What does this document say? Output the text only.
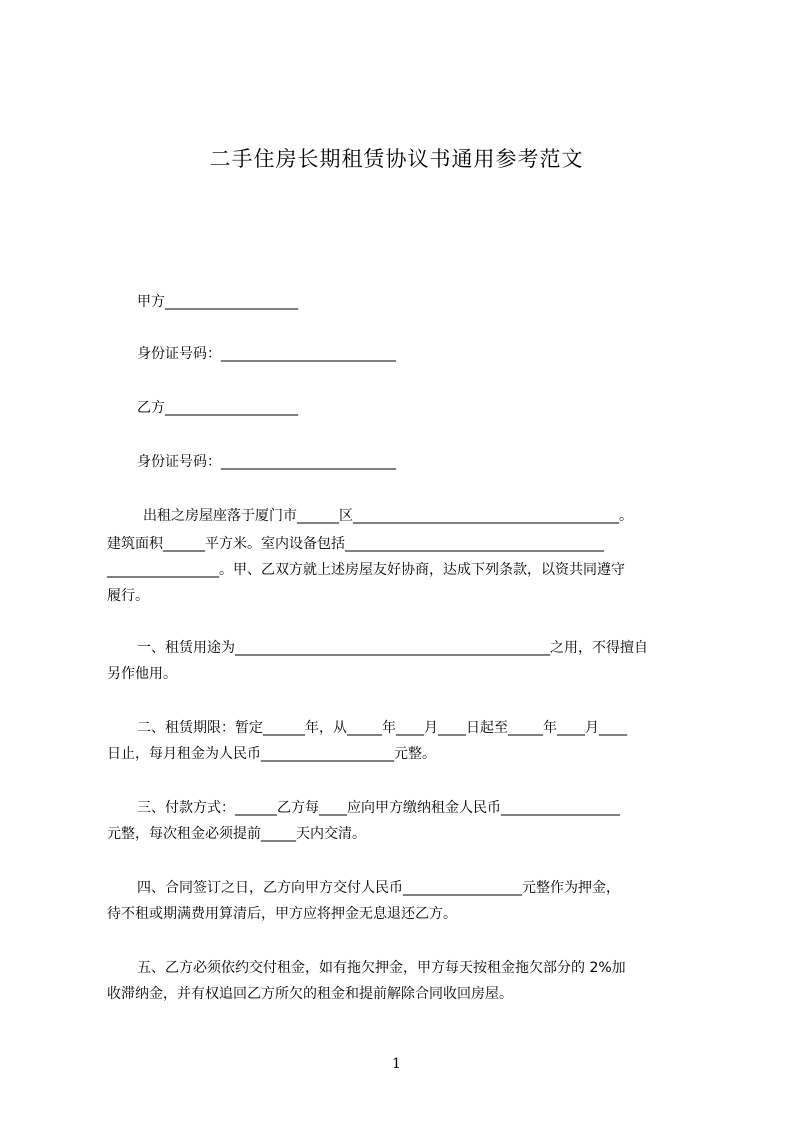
二手住房长期租赁协议书通用参考范文
甲方___________________
身份证号码：_________________________
乙方___________________
身份证号码：_________________________
出租之房屋座落于厦门市______区______________________________________。
建筑面积______平方米。室内设备包括_____________________________________
________________。甲、乙双方就上述房屋友好协商，达成下列条款，以资共同遵守
履行。
一、租赁用途为_____________________________________________之用，不得擅自
另作他用。
二、租赁期限：暂定______年，从_____年____月____日起至_____年____月____
日止，每月租金为人民币___________________元整。
三、付款方式：______乙方每____应向甲方缴纳租金人民币_________________
元整，每次租金必须提前_____天内交清。
四、合同签订之日，乙方向甲方交付人民币_________________元整作为押金，
待不租或期满费用算清后，甲方应将押金无息退还乙方。
五、乙方必须依约交付租金，如有拖欠押金，甲方每天按租金拖欠部分的 2%加
收滞纳金，并有权追回乙方所欠的租金和提前解除合同收回房屋。
1
